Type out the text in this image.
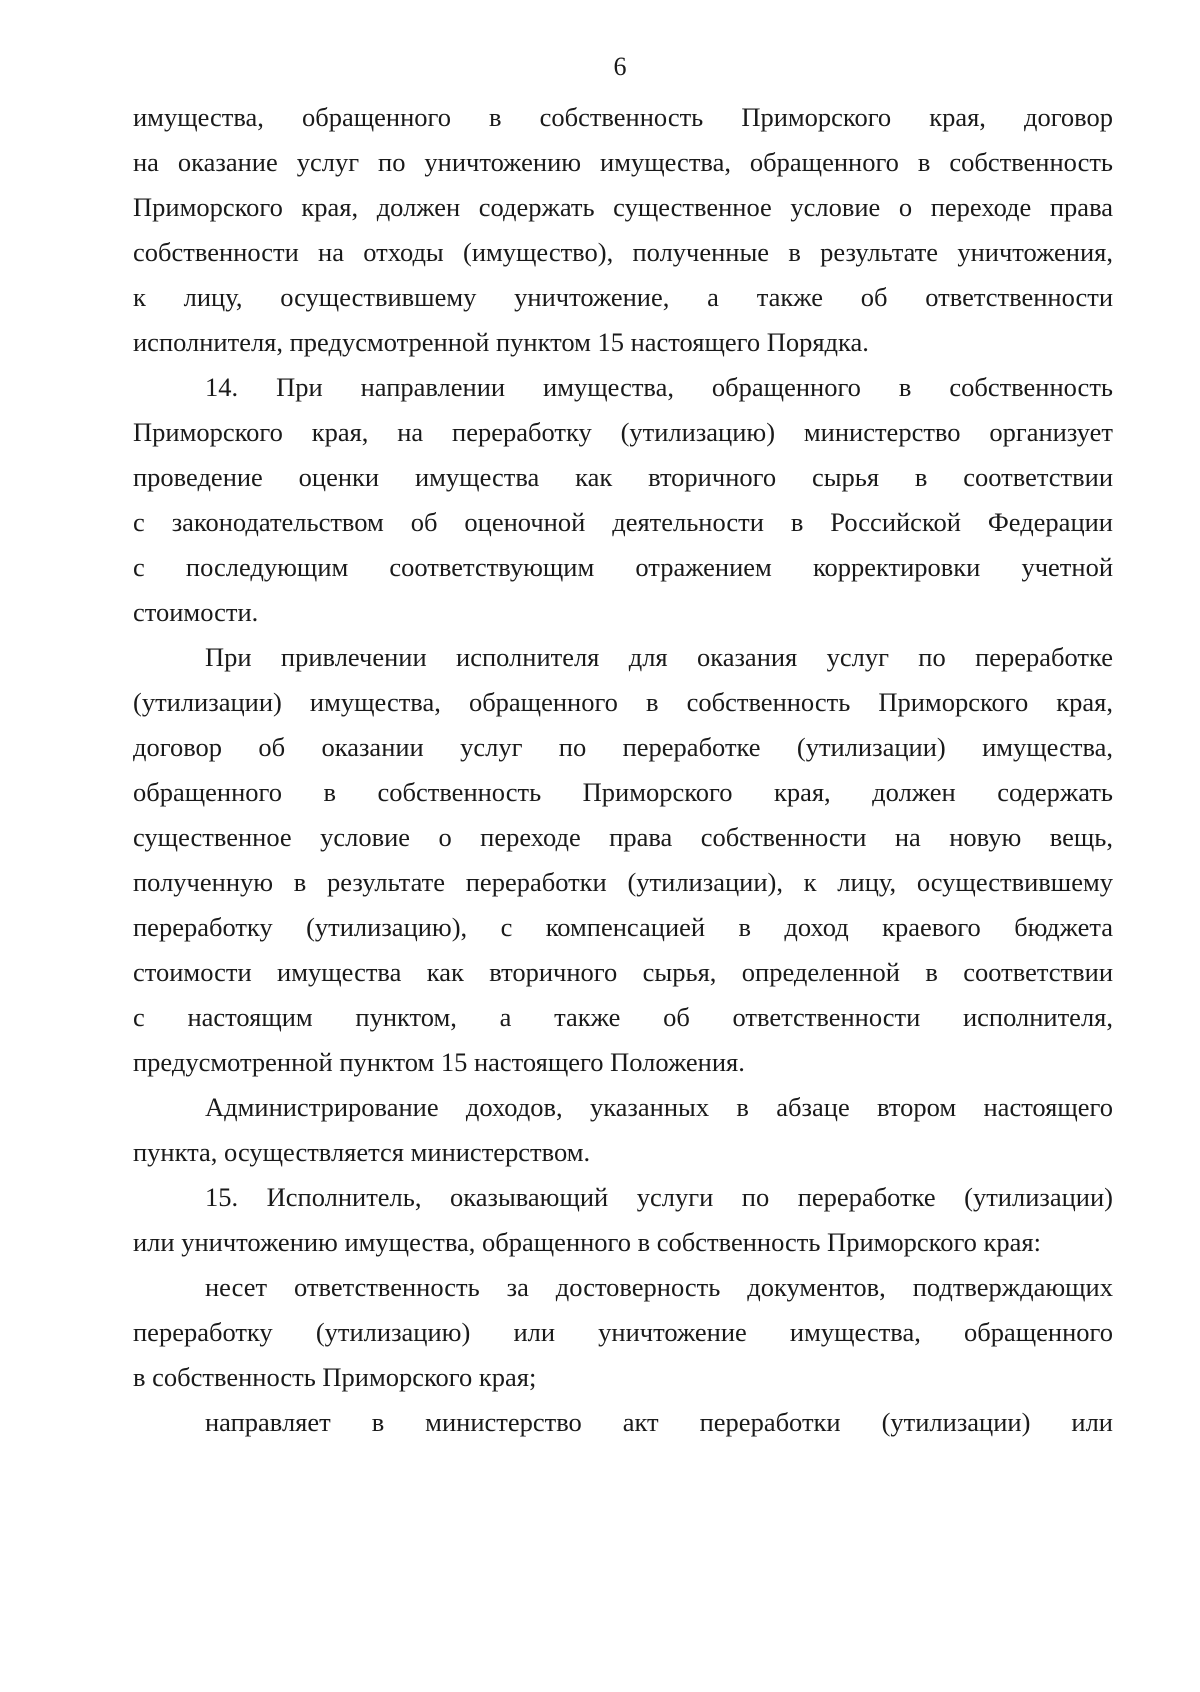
6
имущества, обращенного в собственность Приморского края, договор
на оказание услуг по уничтожению имущества, обращенного в собственность
Приморского края, должен содержать существенное условие о переходе права
собственности на отходы (имущество), полученные в результате уничтожения,
к лицу, осуществившему уничтожение, а также об ответственности
исполнителя, предусмотренной пунктом 15 настоящего Порядка.
14. При направлении имущества, обращенного в собственность
Приморского края, на переработку (утилизацию) министерство организует
проведение оценки имущества как вторичного сырья в соответствии
с законодательством об оценочной деятельности в Российской Федерации
с последующим соответствующим отражением корректировки учетной
стоимости.
При привлечении исполнителя для оказания услуг по переработке
(утилизации) имущества, обращенного в собственность Приморского края,
договор об оказании услуг по переработке (утилизации) имущества,
обращенного в собственность Приморского края, должен содержать
существенное условие о переходе права собственности на новую вещь,
полученную в результате переработки (утилизации), к лицу, осуществившему
переработку (утилизацию), с компенсацией в доход краевого бюджета
стоимости имущества как вторичного сырья, определенной в соответствии
с настоящим пунктом, а также об ответственности исполнителя,
предусмотренной пунктом 15 настоящего Положения.
Администрирование доходов, указанных в абзаце втором настоящего
пункта, осуществляется министерством.
15. Исполнитель, оказывающий услуги по переработке (утилизации)
или уничтожению имущества, обращенного в собственность Приморского края:
несет ответственность за достоверность документов, подтверждающих
переработку (утилизацию) или уничтожение имущества, обращенного
в собственность Приморского края;
направляет в министерство акт переработки (утилизации) или
